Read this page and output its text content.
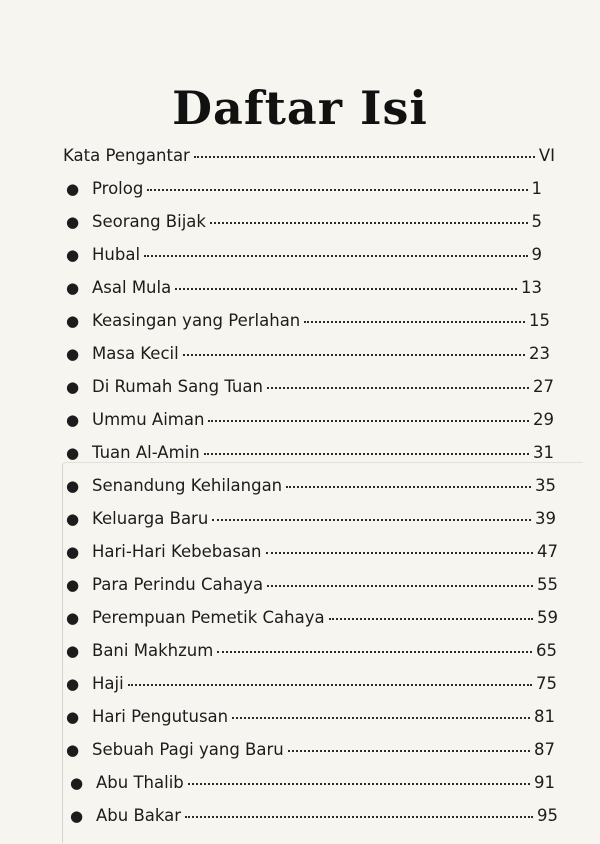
Daftar Isi
Kata Pengantar	VI
● Prolog	1
● Seorang Bijak	5
● Hubal	9
● Asal Mula	13
● Keasingan yang Perlahan	15
● Masa Kecil	23
● Di Rumah Sang Tuan	27
● Ummu Aiman	29
● Tuan Al-Amin	31
● Senandung Kehilangan	35
● Keluarga Baru	39
● Hari-Hari Kebebasan	47
● Para Perindu Cahaya	55
● Perempuan Pemetik Cahaya	59
● Bani Makhzum	65
● Haji	75
● Hari Pengutusan	81
● Sebuah Pagi yang Baru	87
● Abu Thalib	91
● Abu Bakar	95
